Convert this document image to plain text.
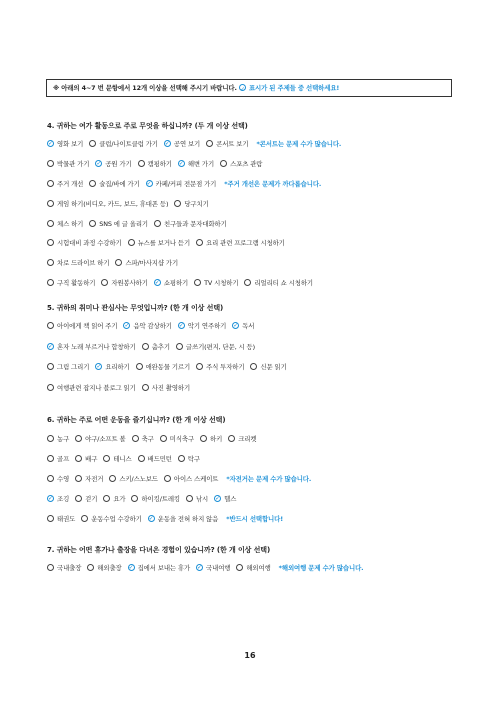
※ 아래의 4~7 번 문항에서 12개 이상을 선택해 주시기 바랍니다. ✓ 표시가 된 주제들 중 선택하세요!
4. 귀하는 여가 활동으로 주로 무엇을 하십니까? (두 개 이상 선택)
✓영화 보기	클럽/나이트클럽 가기 ✓	공연 보기	콘서트 보기 *콘서트는 문제 수가 많습니다.
박물관 가기 ✓	공원 가기	캠핑하기 ✓	해변 가기	스포츠 관람
주거 개선	술집/바에 가기 ✓	카페/커피 전문점 가기 *주거 개선은 문제가 까다롭습니다.
게임 하기(비디오, 카드, 보드, 휴대폰 등)	당구치기
체스 하기	SNS 에 글 올리기	친구들과 문자대화하기
시험대비 과정 수강하기	뉴스를 보거나 듣기	요리 관련 프로그램 시청하기
차로 드라이브 하기	스파/마사지샵 가기
구직 활동하기	자원봉사하기 ✓	쇼핑하기	TV 시청하기	리얼리티 쇼 시청하기
5. 귀하의 취미나 관심사는 무엇입니까? (한 개 이상 선택)
아이에게 책 읽어 주기 ✓	음악 감상하기 ✓	악기 연주하기 ✓	독서
✓혼자 노래 부르거나 합창하기	춤추기	글쓰기(편지, 단문, 시 등)
그림 그리기 ✓	요리하기	애완동물 기르기	주식 투자하기	신문 읽기
여행관련 잡지나 블로그 읽기	사진 촬영하기
6. 귀하는 주로 어떤 운동을 즐기십니까? (한 개 이상 선택)
농구	야구/소프트 볼	축구	미식축구	하키	크리켓
골프	배구	테니스	배드민턴	탁구
수영	자전거	스키/스노보드	아이스 스케이트 *자전거는 문제 수가 많습니다.
✓조깅	걷기	요가	하이킹/트레킹	낚시 ✓	헬스
태권도	운동수업 수강하기 ✓	운동을 전혀 하지 않음 *반드시 선택합니다!
7. 귀하는 어떤 휴가나 출장을 다녀온 경험이 있습니까? (한 개 이상 선택)
국내출장	해외출장 ✓	집에서 보내는 휴가 ✓	국내여행	해외여행 *해외여행 문제 수가 많습니다.
16
